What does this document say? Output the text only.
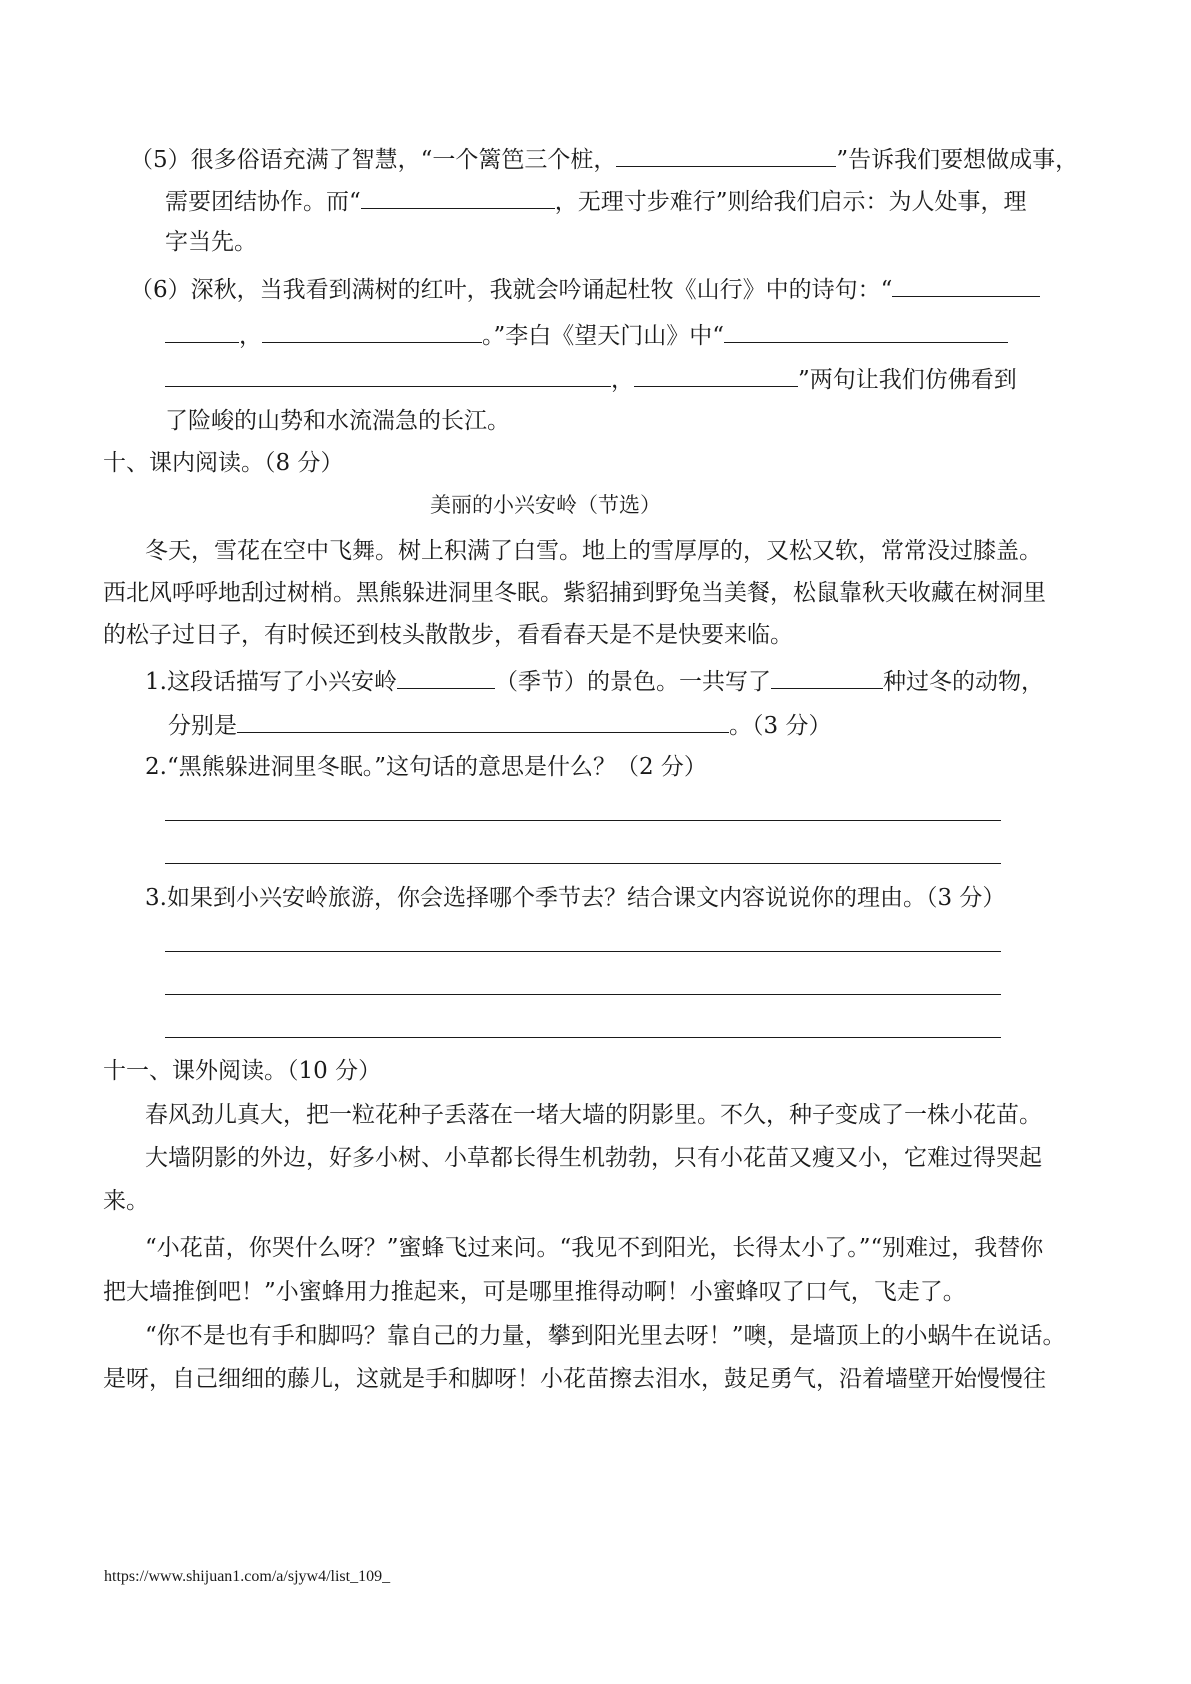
（5）很多俗语充满了智慧，“一个篱笆三个桩，	”告诉我们要想做成事，
需要团结协作。而“	，无理寸步难行”则给我们启示：为人处事，理
字当先。
（6）深秋，当我看到满树的红叶，我就会吟诵起杜牧《山行》中的诗句：“
，	。”李白《望天门山》中“
，	”两句让我们仿佛看到
了险峻的山势和水流湍急的长江。
十、课内阅读。（8 分）
美丽的小兴安岭（节选）
冬天，雪花在空中飞舞。树上积满了白雪。地上的雪厚厚的，又松又软，常常没过膝盖。
西北风呼呼地刮过树梢。黑熊躲进洞里冬眠。紫貂捕到野兔当美餐，松鼠靠秋天收藏在树洞里
的松子过日子，有时候还到枝头散散步，看看春天是不是快要来临。
1.这段话描写了小兴安岭	（季节）的景色。一共写了	种过冬的动物，
分别是	。（3 分）
2.“黑熊躲进洞里冬眠。”这句话的意思是什么？（2 分）
3.如果到小兴安岭旅游，你会选择哪个季节去？结合课文内容说说你的理由。（3 分）
十一、课外阅读。（10 分）
春风劲儿真大，把一粒花种子丢落在一堵大墙的阴影里。不久，种子变成了一株小花苗。
大墙阴影的外边，好多小树、小草都长得生机勃勃，只有小花苗又瘦又小，它难过得哭起
来。
“小花苗，你哭什么呀？”蜜蜂飞过来问。“我见不到阳光，长得太小了。”“别难过，我替你
把大墙推倒吧！”小蜜蜂用力推起来，可是哪里推得动啊！小蜜蜂叹了口气，飞走了。
“你不是也有手和脚吗？靠自己的力量，攀到阳光里去呀！”噢，是墙顶上的小蜗牛在说话。
是呀，自己细细的藤儿，这就是手和脚呀！小花苗擦去泪水，鼓足勇气，沿着墙壁开始慢慢往
https://www.shijuan1.com/a/sjyw4/list_109_
